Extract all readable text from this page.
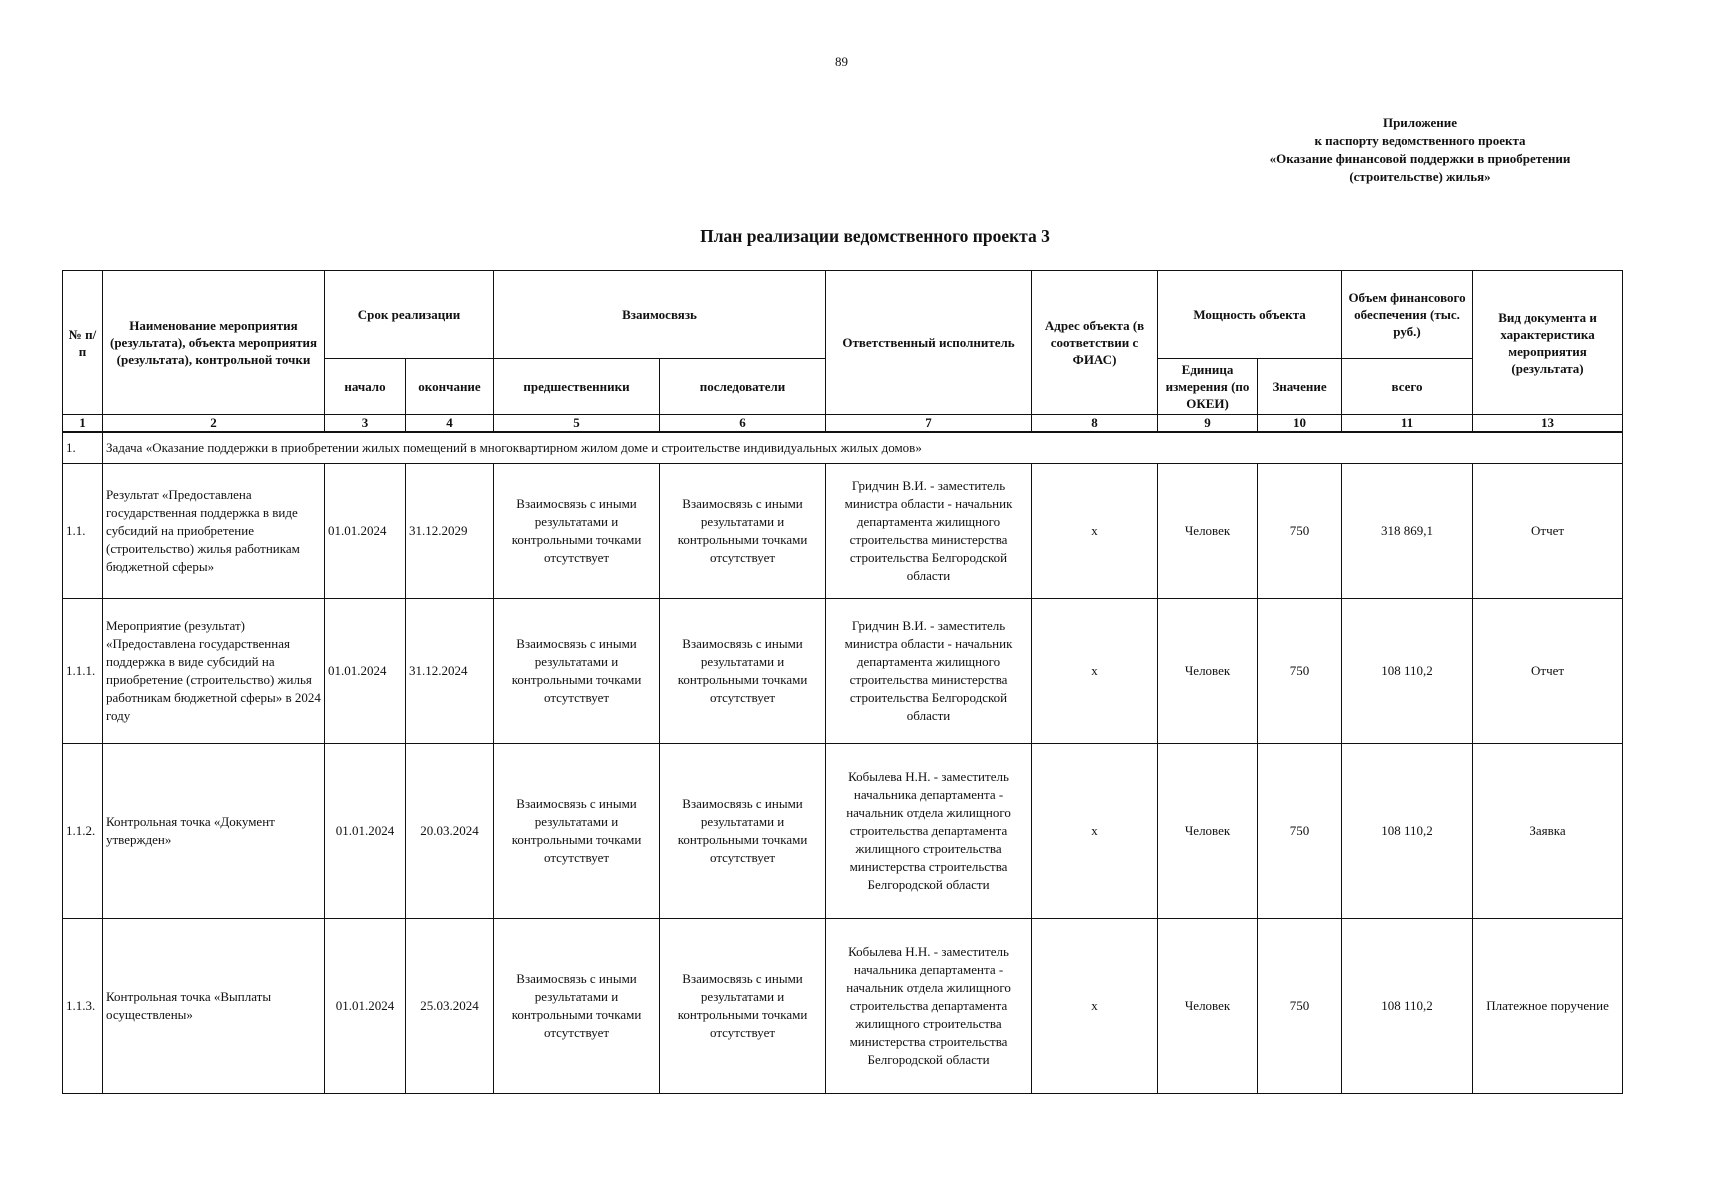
89
Приложение
к паспорту ведомственного проекта
«Оказание финансовой поддержки в приобретении
(строительстве) жилья»
План реализации ведомственного проекта 3
№ п/п	Наименование мероприятия (результата), объекта мероприятия (результата), контрольной точки	Срок реализации		Взаимосвязь		Ответственный исполнитель	Адрес объекта (в соответствии с ФИАС)	Мощность объекта		Объем финансового обеспечения (тыс. руб.)	Вид документа и характеристика мероприятия (результата)
		начало	окончание	предшественники	последователи			Единица измерения (по ОКЕИ)	Значение	всего	
1	2	3	4	5	6	7	8	9	10	11	13
1.	Задача «Оказание поддержки в приобретении жилых помещений в многоквартирном жилом доме и строительстве индивидуальных жилых домов»										
1.1.	Результат «Предоставлена государственная поддержка в виде субсидий на приобретение (строительство) жилья работникам бюджетной сферы»	01.01.2024	31.12.2029	Взаимосвязь с иными результатами и контрольными точками отсутствует	Взаимосвязь с иными результатами и контрольными точками отсутствует	Гридчин В.И. - заместитель министра области - начальник департамента жилищного строительства министерства строительства Белгородской области	х	Человек	750	318 869,1	Отчет
1.1.1.	Мероприятие (результат) «Предоставлена государственная поддержка в виде субсидий на приобретение (строительство) жилья работникам бюджетной сферы» в 2024 году	01.01.2024	31.12.2024	Взаимосвязь с иными результатами и контрольными точками отсутствует	Взаимосвязь с иными результатами и контрольными точками отсутствует	Гридчин В.И. - заместитель министра области - начальник департамента жилищного строительства министерства строительства Белгородской области	х	Человек	750	108 110,2	Отчет
1.1.2.	Контрольная точка «Документ утвержден»	01.01.2024	20.03.2024	Взаимосвязь с иными результатами и контрольными точками отсутствует	Взаимосвязь с иными результатами и контрольными точками отсутствует	Кобылева Н.Н. - заместитель начальника департамента - начальник отдела жилищного строительства департамента жилищного строительства министерства строительства Белгородской области	х	Человек	750	108 110,2	Заявка
1.1.3.	Контрольная точка «Выплаты осуществлены»	01.01.2024	25.03.2024	Взаимосвязь с иными результатами и контрольными точками отсутствует	Взаимосвязь с иными результатами и контрольными точками отсутствует	Кобылева Н.Н. - заместитель начальника департамента - начальник отдела жилищного строительства департамента жилищного строительства министерства строительства Белгородской области	х	Человек	750	108 110,2	Платежное поручение
